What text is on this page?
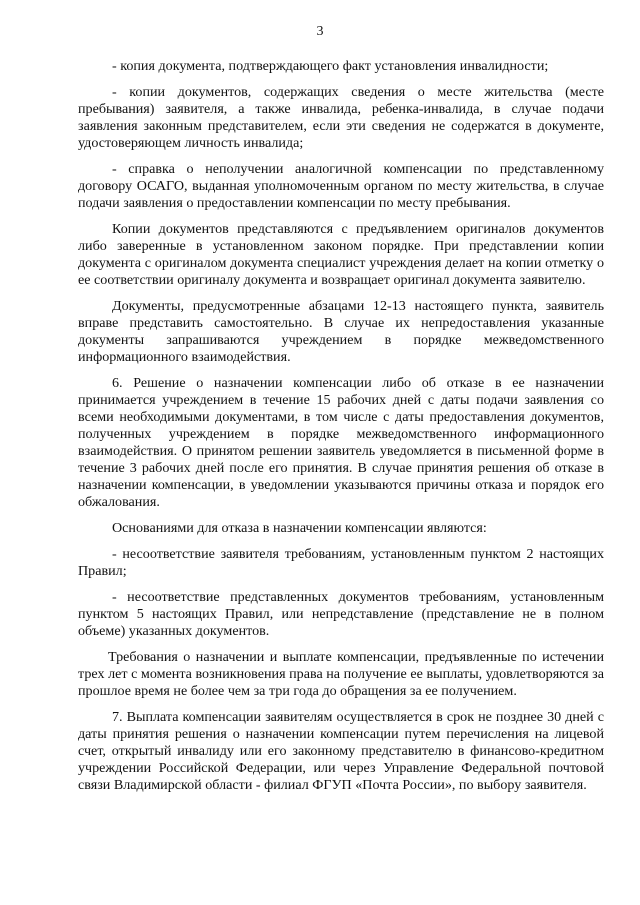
3

- копия документа, подтверждающего факт установления инвалидности;

- копии документов, содержащих сведения о месте жительства (месте пребывания) заявителя, а также инвалида, ребенка-инвалида, в случае подачи заявления законным представителем, если эти сведения не содержатся в документе, удостоверяющем личность инвалида;

- справка о неполучении аналогичной компенсации по представленному договору ОСАГО, выданная уполномоченным органом по месту жительства, в случае подачи заявления о предоставлении компенсации по месту пребывания.

Копии документов представляются с предъявлением оригиналов документов либо заверенные в установленном законом порядке. При представлении копии документа с оригиналом документа специалист учреждения делает на копии отметку о ее соответствии оригиналу документа и возвращает оригинал документа заявителю.

Документы, предусмотренные абзацами 12-13 настоящего пункта, заявитель вправе представить самостоятельно. В случае их непредоставления указанные документы запрашиваются учреждением в порядке межведомственного информационного взаимодействия.

6. Решение о назначении компенсации либо об отказе в ее назначении принимается учреждением в течение 15 рабочих дней с даты подачи заявления со всеми необходимыми документами, в том числе с даты предоставления документов, полученных учреждением в порядке межведомственного информационного взаимодействия. О принятом решении заявитель уведомляется в письменной форме в течение 3 рабочих дней после его принятия. В случае принятия решения об отказе в назначении компенсации, в уведомлении указываются причины отказа и порядок его обжалования.

Основаниями для отказа в назначении компенсации являются:

- несоответствие заявителя требованиям, установленным пунктом 2 настоящих Правил;

- несоответствие представленных документов требованиям, установленным пунктом 5 настоящих Правил, или непредставление (представление не в полном объеме) указанных документов.

Требования о назначении и выплате компенсации, предъявленные по истечении трех лет с момента возникновения права на получение ее выплаты, удовлетворяются за прошлое время не более чем за три года до обращения за ее получением.

7. Выплата компенсации заявителям осуществляется в срок не позднее 30 дней с даты принятия решения о назначении компенсации путем перечисления на лицевой счет, открытый инвалиду или его законному представителю в финансово-кредитном учреждении Российской Федерации, или через Управление Федеральной почтовой связи Владимирской области - филиал ФГУП «Почта России», по выбору заявителя.
